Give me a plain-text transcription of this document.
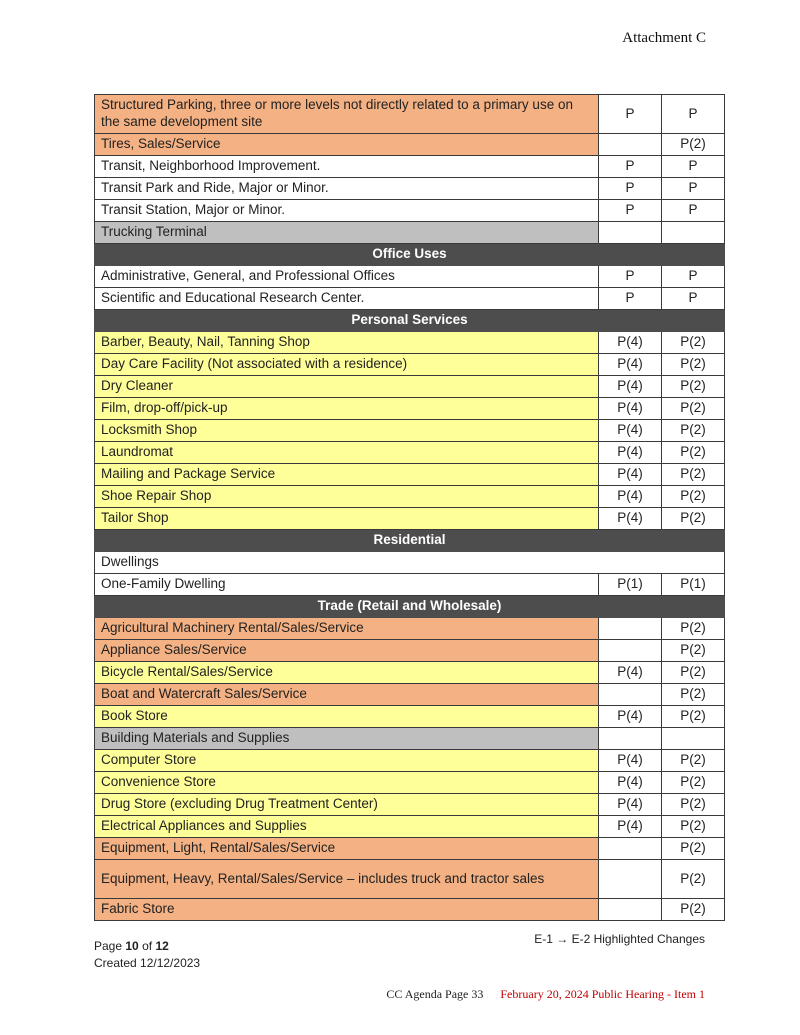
Attachment C
Structured Parking, three or more levels not directly related to a primary use on the same development site	P	P
Tires, Sales/Service		P(2)
Transit, Neighborhood Improvement.	P	P
Transit Park and Ride, Major or Minor.	P	P
Transit Station, Major or Minor.	P	P
Trucking Terminal		
Office Uses		
Administrative, General, and Professional Offices	P	P
Scientific and Educational Research Center.	P	P
Personal Services		
Barber, Beauty, Nail, Tanning Shop	P(4)	P(2)
Day Care Facility (Not associated with a residence)	P(4)	P(2)
Dry Cleaner	P(4)	P(2)
Film, drop-off/pick-up	P(4)	P(2)
Locksmith Shop	P(4)	P(2)
Laundromat	P(4)	P(2)
Mailing and Package Service	P(4)	P(2)
Shoe Repair Shop	P(4)	P(2)
Tailor Shop	P(4)	P(2)
Residential		
Dwellings		
One-Family Dwelling	P(1)	P(1)
Trade (Retail and Wholesale)		
Agricultural Machinery Rental/Sales/Service		P(2)
Appliance Sales/Service		P(2)
Bicycle Rental/Sales/Service	P(4)	P(2)
Boat and Watercraft Sales/Service		P(2)
Book Store	P(4)	P(2)
Building Materials and Supplies		
Computer Store	P(4)	P(2)
Convenience Store	P(4)	P(2)
Drug Store (excluding Drug Treatment Center)	P(4)	P(2)
Electrical Appliances and Supplies	P(4)	P(2)
Equipment, Light, Rental/Sales/Service		P(2)
Equipment, Heavy, Rental/Sales/Service – includes truck and tractor sales		P(2)
Fabric Store		P(2)
Page 10 of 12
Created 12/12/2023
E-1 → E-2 Highlighted Changes
CC Agenda Page 33 February 20, 2024 Public Hearing - Item 1
